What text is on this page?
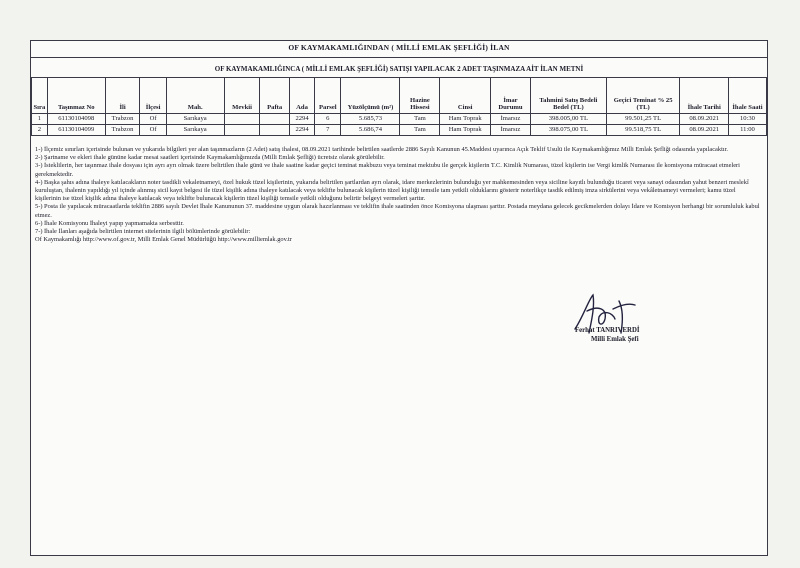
OF KAYMAKAMLIĞINDAN ( MİLLİ EMLAK ŞEFLİĞİ) İLAN
OF KAYMAKAMLIĞINCA ( MİLLİ EMLAK ŞEFLİĞİ) SATIŞI YAPILACAK 2 ADET TAŞINMAZA AİT İLAN METNİ
Sıra	Taşınmaz No	İli	İlçesi	Mah.	Mevkii	Pafta	Ada	Parsel	Yüzölçümü (m²)	Hazine Hissesi	Cinsi	İmar Durumu	Tahmini Satış Bedeli Bedel (TL)	Geçici Teminat % 25 (TL)	İhale Tarihi	İhale Saati
1	61130104098	Trabzon	Of	Sarıkaya			2294	6	5.685,73	Tam	Ham Toprak	İmarsız	398.005,00 TL	99.501,25 TL	08.09.2021	10:30
2	61130104099	Trabzon	Of	Sarıkaya			2294	7	5.686,74	Tam	Ham Toprak	İmarsız	398.075,00 TL	99.518,75 TL	08.09.2021	11:00

1-) İlçemiz sınırları içerisinde bulunan ve yukarıda bilgileri yer alan taşınmazların (2 Adet) satış ihalesi, 08.09.2021 tarihinde belirtilen saatlerde 2886 Sayılı Kanunun 45.Maddesi uyarınca Açık Teklif Usulü ile Kaymakamlığımız Milli Emlak Şefliği odasında yapılacaktır.

2-) Şartname ve ekleri ihale gününe kadar mesai saatleri içerisinde Kaymakamlığımızda (Milli Emlak Şefliği) ücretsiz olarak görülebilir.

3-) İsteklilerin, her taşınmaz ihale dosyası için ayrı ayrı olmak üzere belirtilen ihale günü ve ihale saatine kadar geçici teminat makbuzu veya teminat mektubu ile gerçek kişilerin T.C. Kimlik Numarası, tüzel kişilerin ise Vergi kimlik Numarası ile komisyona müracaat etmeleri gerekmektedir.

4-) Başka şahıs adına ihaleye katılacakların noter tasdikli vekaletnameyi, özel hukuk tüzel kişilerinin, yukarıda belirtilen şartlardan ayrı olarak, idare merkezlerinin bulunduğu yer mahkemesinden veya siciline kayıtlı bulunduğu ticaret veya sanayi odasından yahut benzeri meslekî kuruluştan, ihalenin yapıldığı yıl içinde alınmış sicil kayıt belgesi ile tüzel kişilik adına ihaleye katılacak veya teklifte bulunacak kişilerin tüzel kişiliği temsile tam yetkili olduklarını gösterir noterlikçe tasdik edilmiş imza sirkülerini veya vekâletnameyi vermeleri; kamu tüzel kişilerinin ise tüzel kişilik adına ihaleye katılacak veya teklifte bulunacak kişilerin tüzel kişiliği temsile yetkili olduğunu belirtir belgeyi vermeleri şarttır.

5-) Posta ile yapılacak müracaatlarda teklifin 2886 sayılı Devlet İhale Kanununun 37. maddesine uygun olarak hazırlanması ve teklifin ihale saatinden önce Komisyona ulaşması şarttır. Postada meydana gelecek gecikmelerden dolayı İdare ve Komisyon herhangi bir sorumluluk kabul etmez.

6-) İhale Komisyonu İhaleyi yapıp yapmamakta serbesttir.

7-) İhale İlanları aşağıda belirtilen internet sitelerinin ilgili bölümlerinde görülebilir:

Of Kaymakamlığı http://www.of.gov.tr, Milli Emlak Genel Müdürlüğü http://www.milliemlak.gov.tr

Ferhat TANRIVERDİ
Milli Emlak Şefi
